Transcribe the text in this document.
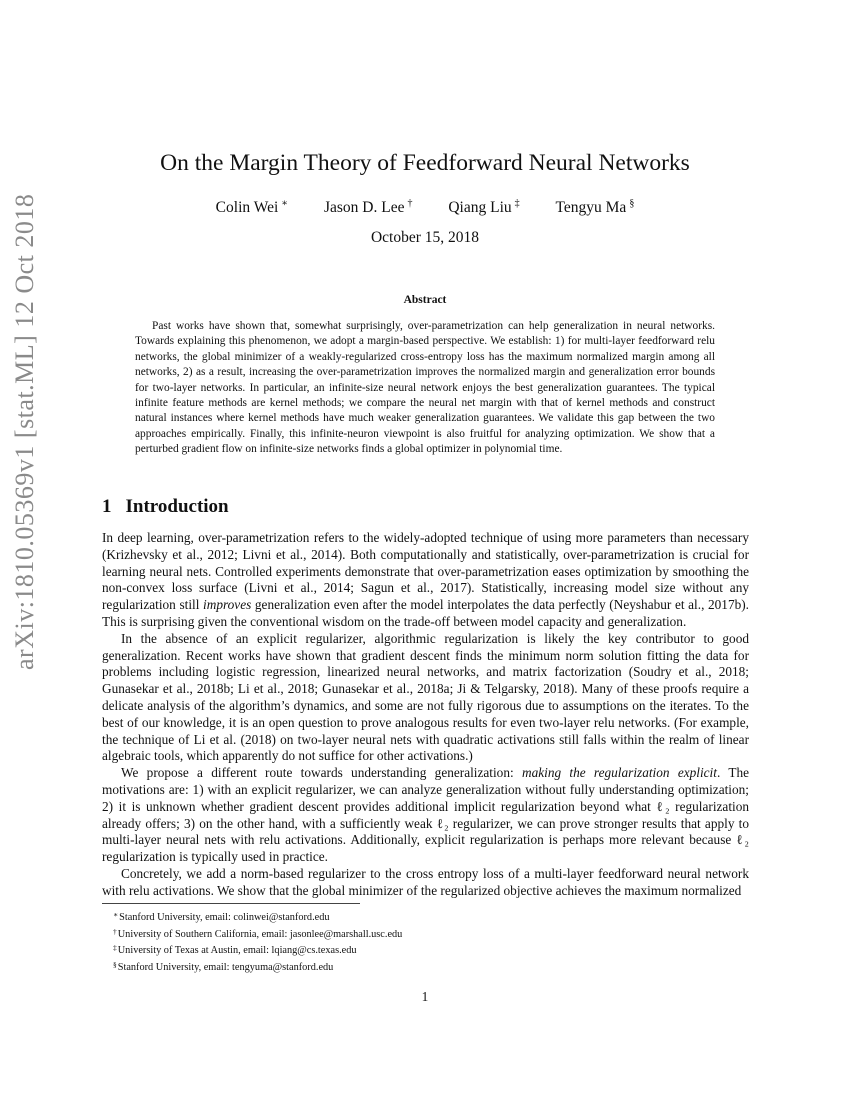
arXiv:1810.05369v1 [stat.ML] 12 Oct 2018
On the Margin Theory of Feedforward Neural Networks
Colin Wei ∗ Jason D. Lee † Qiang Liu ‡ Tengyu Ma §
October 15, 2018
Abstract

Past works have shown that, somewhat surprisingly, over-parametrization can help generalization in neural networks. Towards explaining this phenomenon, we adopt a margin-based perspective. We establish: 1) for multi-layer feedforward relu networks, the global minimizer of a weakly-regularized cross-entropy loss has the maximum normalized margin among all networks, 2) as a result, increasing the over-parametrization improves the normalized margin and generalization error bounds for two-layer networks. In particular, an infinite-size neural network enjoys the best generalization guarantees. The typical infinite feature methods are kernel methods; we compare the neural net margin with that of kernel methods and construct natural instances where kernel methods have much weaker generalization guarantees. We validate this gap between the two approaches empirically. Finally, this infinite-neuron viewpoint is also fruitful for analyzing optimization. We show that a perturbed gradient flow on infinite-size networks finds a global optimizer in polynomial time.

1 Introduction

In deep learning, over-parametrization refers to the widely-adopted technique of using more parameters than necessary (Krizhevsky et al., 2012; Livni et al., 2014). Both computationally and statistically, over-parametrization is crucial for learning neural nets. Controlled experiments demonstrate that over-parametrization eases optimization by smoothing the non-convex loss surface (Livni et al., 2014; Sagun et al., 2017). Statistically, increasing model size without any regularization still improves generalization even after the model interpolates the data perfectly (Neyshabur et al., 2017b). This is surprising given the conventional wisdom on the trade-off between model capacity and generalization.

In the absence of an explicit regularizer, algorithmic regularization is likely the key contributor to good generalization. Recent works have shown that gradient descent finds the minimum norm solution fitting the data for problems including logistic regression, linearized neural networks, and matrix factorization (Soudry et al., 2018; Gunasekar et al., 2018b; Li et al., 2018; Gunasekar et al., 2018a; Ji & Telgarsky, 2018). Many of these proofs require a delicate analysis of the algorithm’s dynamics, and some are not fully rigorous due to assumptions on the iterates. To the best of our knowledge, it is an open question to prove analogous results for even two-layer relu networks. (For example, the technique of Li et al. (2018) on two-layer neural nets with quadratic activations still falls within the realm of linear algebraic tools, which apparently do not suffice for other activations.)

We propose a different route towards understanding generalization: making the regularization explicit. The motivations are: 1) with an explicit regularizer, we can analyze generalization without fully understanding optimization; 2) it is unknown whether gradient descent provides additional implicit regularization beyond what ℓ₂ regularization already offers; 3) on the other hand, with a sufficiently weak ℓ₂ regularizer, we can prove stronger results that apply to multi-layer neural nets with relu activations. Additionally, explicit regularization is perhaps more relevant because ℓ₂ regularization is typically used in practice.

Concretely, we add a norm-based regularizer to the cross entropy loss of a multi-layer feedforward neural network with relu activations. We show that the global minimizer of the regularized objective achieves the maximum normalized

∗Stanford University, email: colinwei@stanford.edu
†University of Southern California, email: jasonlee@marshall.usc.edu
‡University of Texas at Austin, email: lqiang@cs.texas.edu
§Stanford University, email: tengyuma@stanford.edu
1
